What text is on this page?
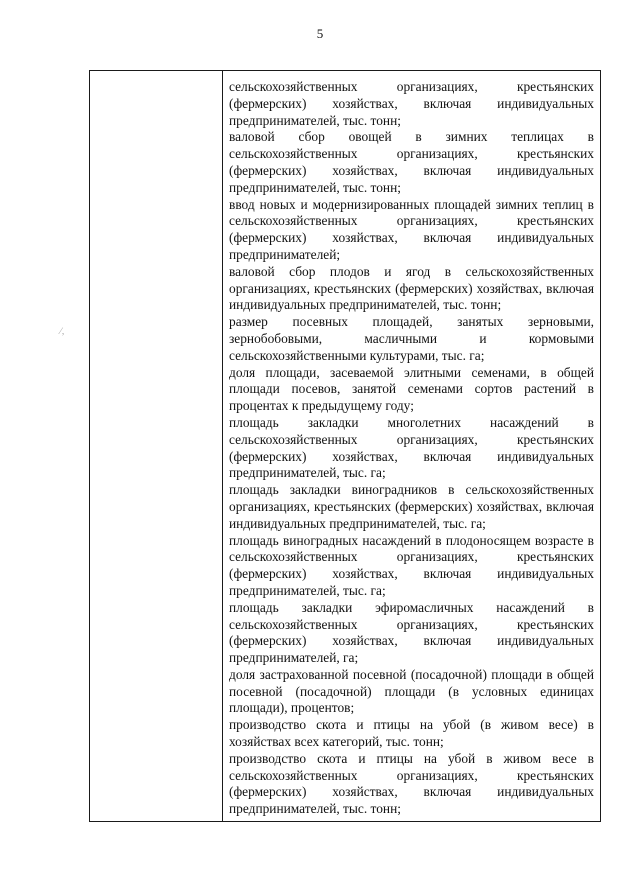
5
⁄‚

сельскохозяйственных организациях, крестьянских (фермерских) хозяйствах, включая индивидуальных предпринимателей, тыс. тонн;

валовой сбор овощей в зимних теплицах в сельскохозяйственных организациях, крестьянских (фермерских) хозяйствах, включая индивидуальных предпринимателей, тыс. тонн;

ввод новых и модернизированных площадей зимних теплиц в сельскохозяйственных организациях, крестьянских (фермерских) хозяйствах, включая индивидуальных предпринимателей;

валовой сбор плодов и ягод в сельскохозяйственных организациях, крестьянских (фермерских) хозяйствах, включая индивидуальных предпринимателей, тыс. тонн;

размер посевных площадей, занятых зерновыми, зернобобовыми, масличными и кормовыми сельскохозяйственными культурами, тыс. га;

доля площади, засеваемой элитными семенами, в общей площади посевов, занятой семенами сортов растений в процентах к предыдущему году;

площадь закладки многолетних насаждений в сельскохозяйственных организациях, крестьянских (фермерских) хозяйствах, включая индивидуальных предпринимателей, тыс. га;

площадь закладки виноградников в сельскохозяйственных организациях, крестьянских (фермерских) хозяйствах, включая индивидуальных предпринимателей, тыс. га;

площадь виноградных насаждений в плодоносящем возрасте в сельскохозяйственных организациях, крестьянских (фермерских) хозяйствах, включая индивидуальных предпринимателей, тыс. га;

площадь закладки эфиромасличных насаждений в сельскохозяйственных организациях, крестьянских (фермерских) хозяйствах, включая индивидуальных предпринимателей, га;

доля застрахованной посевной (посадочной) площади в общей посевной (посадочной) площади (в условных единицах площади), процентов;

производство скота и птицы на убой (в живом весе) в хозяйствах всех категорий, тыс. тонн;

производство скота и птицы на убой в живом весе в сельскохозяйственных организациях, крестьянских (фермерских) хозяйствах, включая индивидуальных предпринимателей, тыс. тонн;
